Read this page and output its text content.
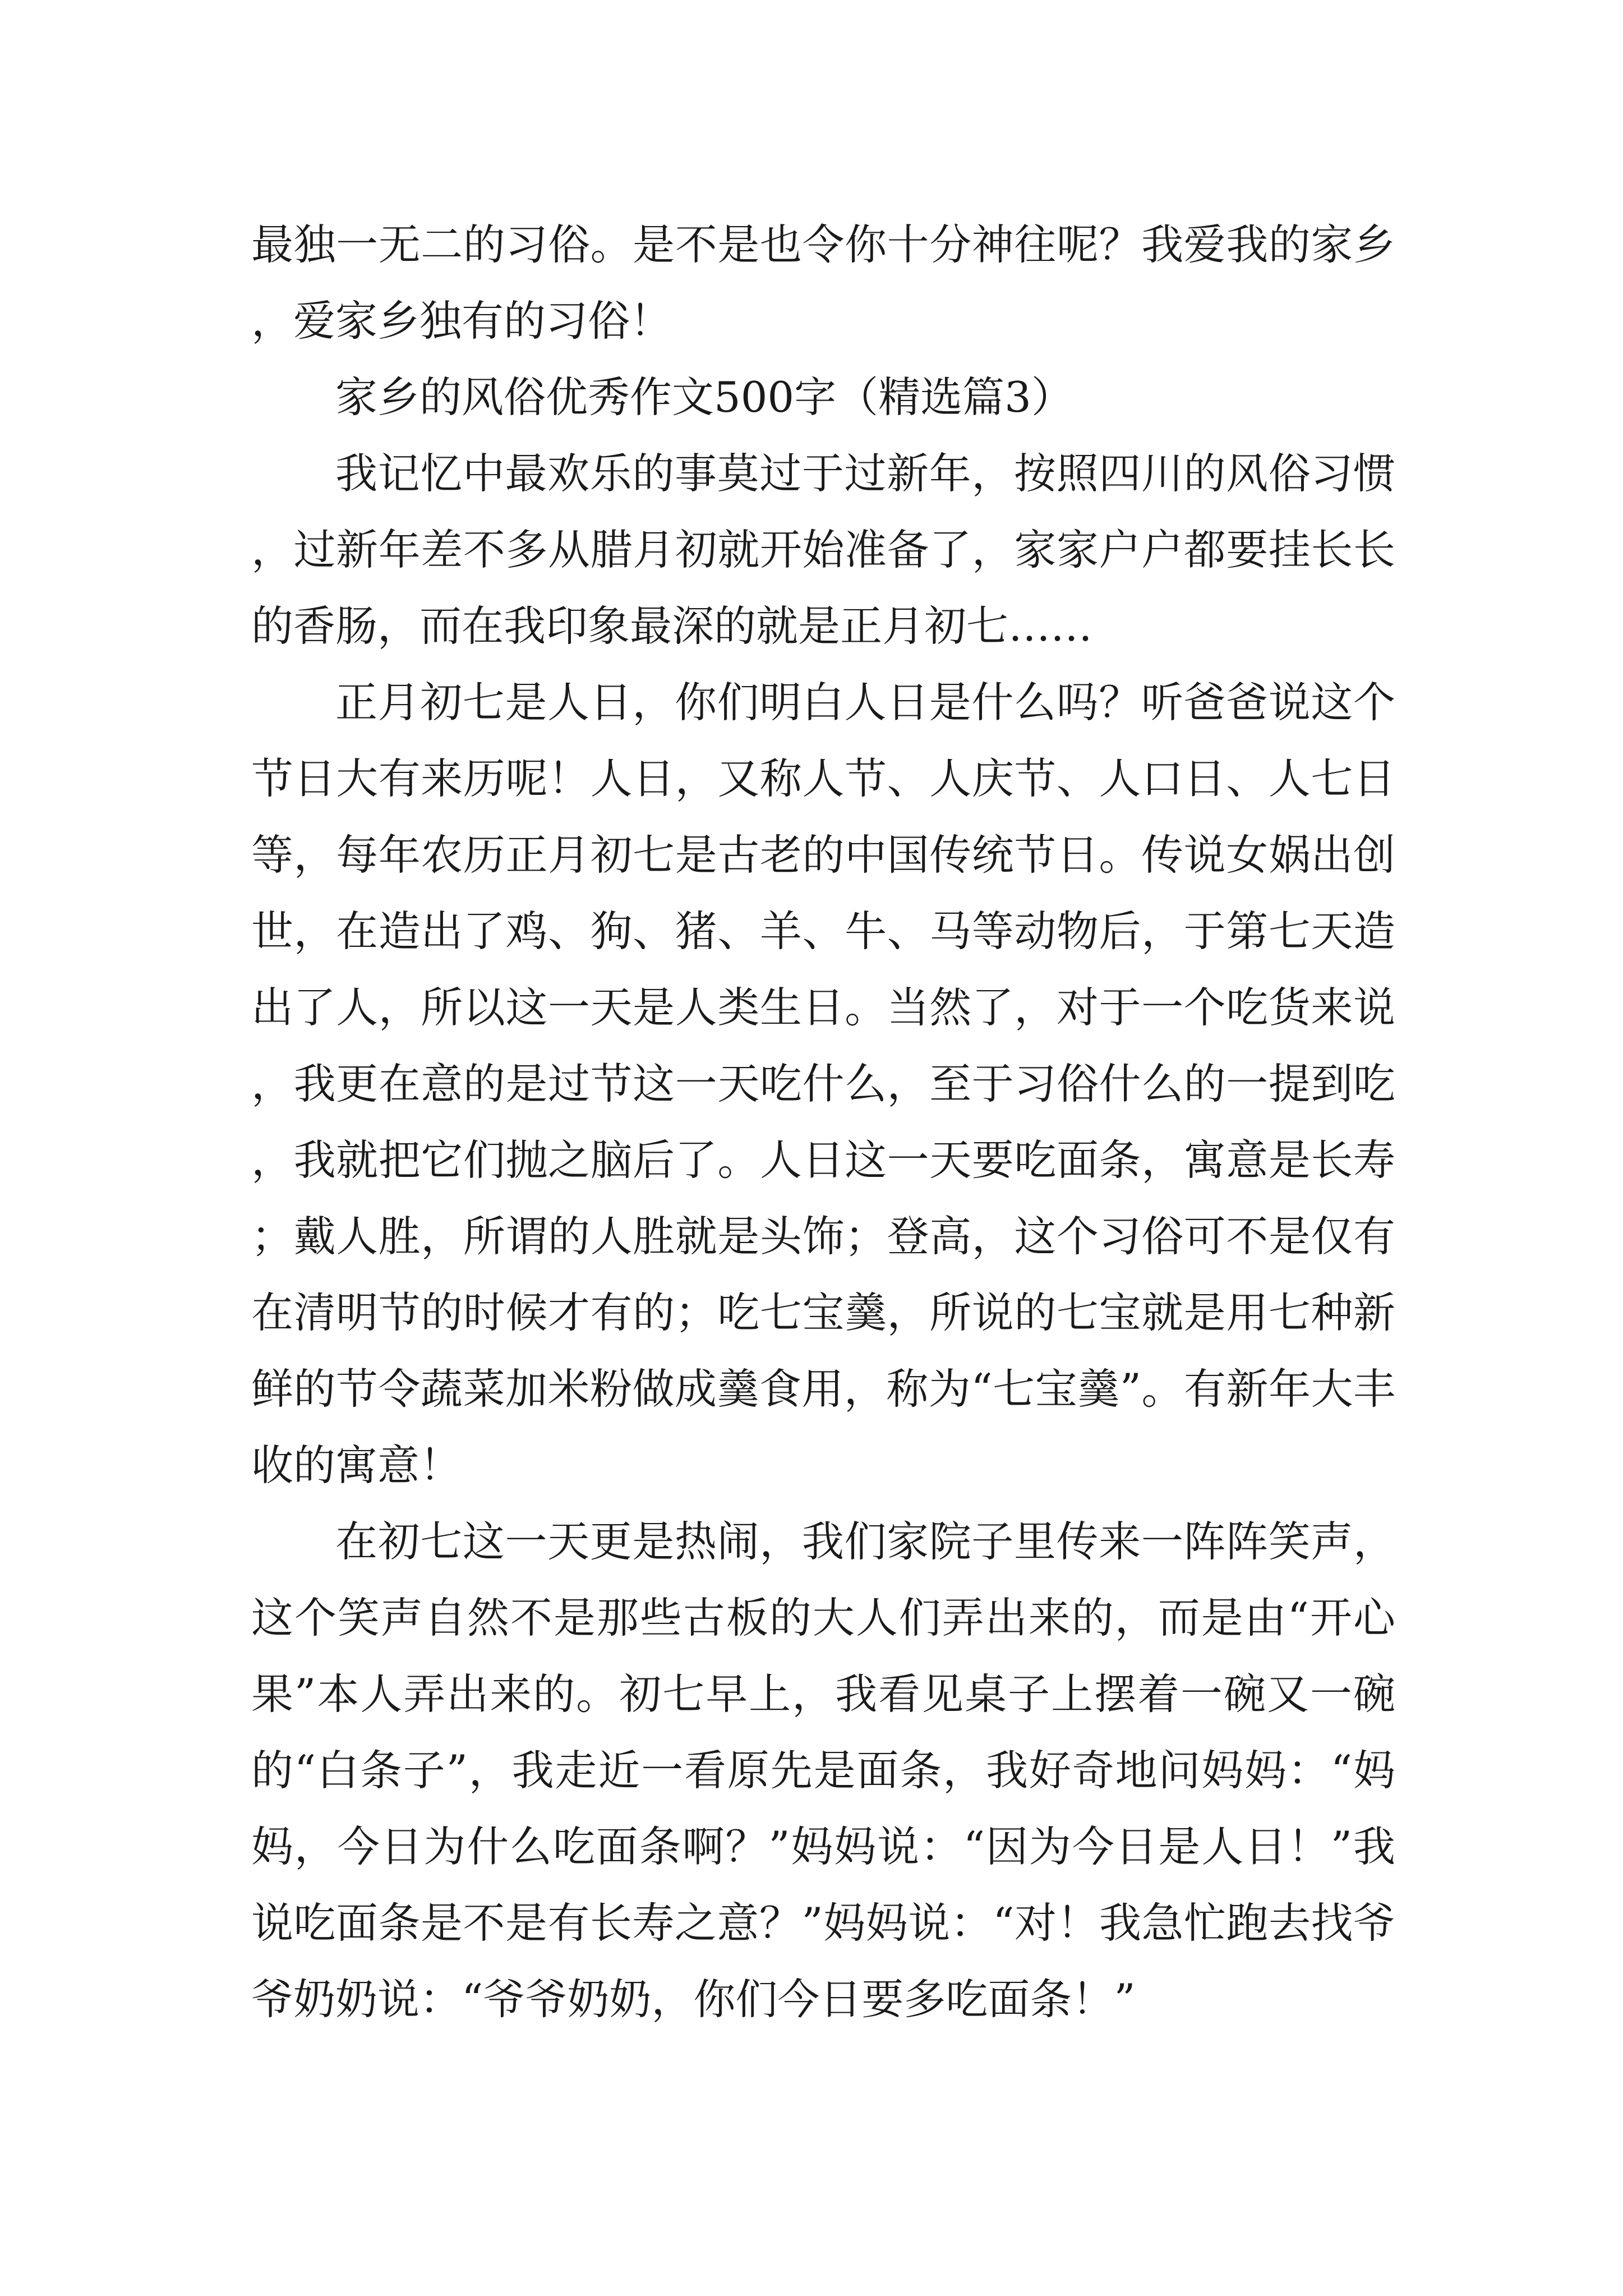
最独一无二的习俗。是不是也令你十分神往呢？我爱我的家乡，爱家乡独有的习俗！

家乡的风俗优秀作文500字（精选篇3）

我记忆中最欢乐的事莫过于过新年，按照四川的风俗习惯，过新年差不多从腊月初就开始准备了，家家户户都要挂长长的香肠，而在我印象最深的就是正月初七……

正月初七是人日，你们明白人日是什么吗？听爸爸说这个节日大有来历呢！人日，又称人节、人庆节、人口日、人七日等，每年农历正月初七是古老的中国传统节日。传说女娲出创世，在造出了鸡、狗、猪、羊、牛、马等动物后，于第七天造出了人，所以这一天是人类生日。当然了，对于一个吃货来说，我更在意的是过节这一天吃什么，至于习俗什么的一提到吃，我就把它们抛之脑后了。人日这一天要吃面条，寓意是长寿；戴人胜，所谓的人胜就是头饰；登高，这个习俗可不是仅有在清明节的时候才有的；吃七宝羹，所说的七宝就是用七种新鲜的节令蔬菜加米粉做成羹食用，称为“七宝羹”。有新年大丰收的寓意！

在初七这一天更是热闹，我们家院子里传来一阵阵笑声，这个笑声自然不是那些古板的大人们弄出来的，而是由“开心果”本人弄出来的。初七早上，我看见桌子上摆着一碗又一碗的“白条子”，我走近一看原先是面条，我好奇地问妈妈：“妈妈，今日为什么吃面条啊？”妈妈说：“因为今日是人日！”我说吃面条是不是有长寿之意？”妈妈说：“对！我急忙跑去找爷爷奶奶说：“爷爷奶奶，你们今日要多吃面条！”
